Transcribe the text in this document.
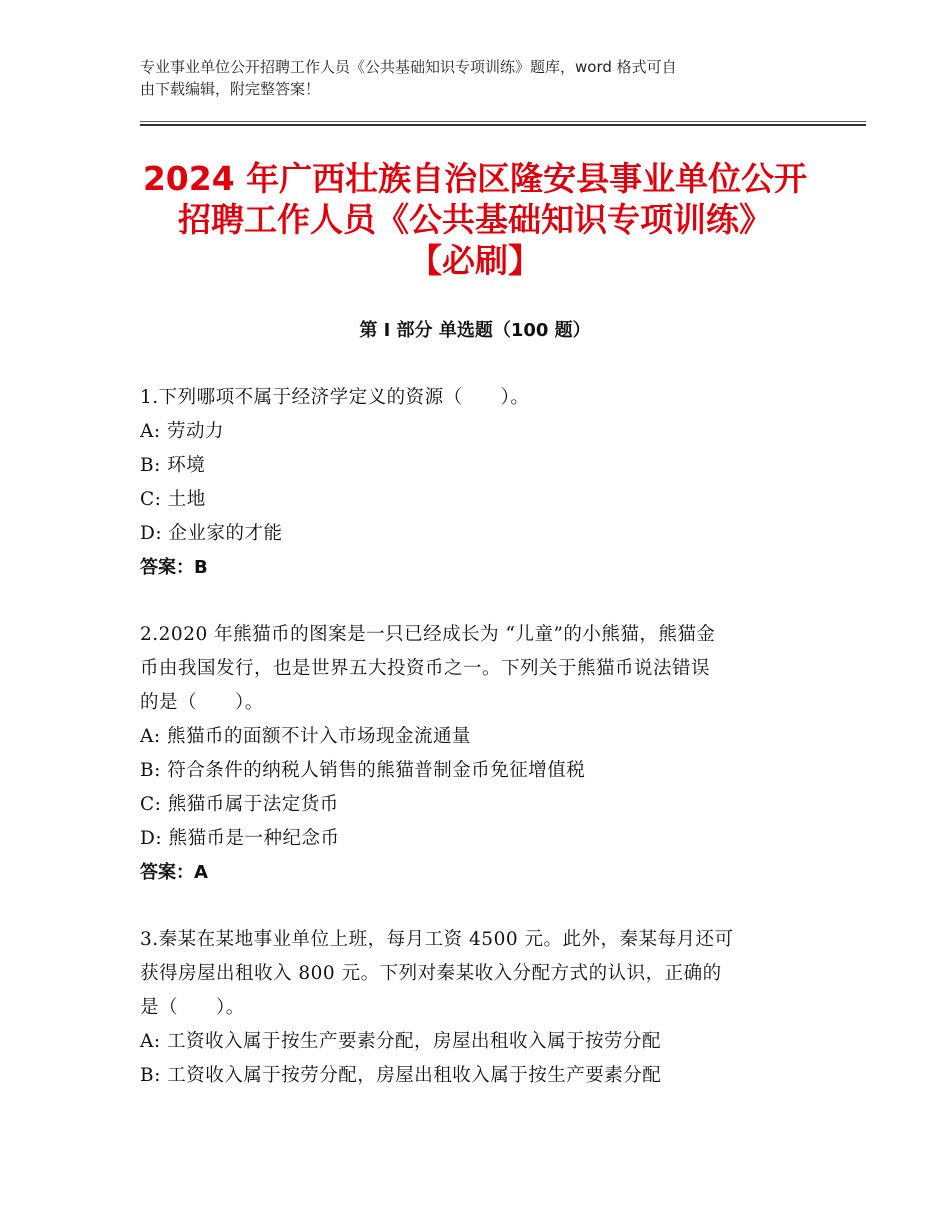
专业事业单位公开招聘工作人员《公共基础知识专项训练》题库，word 格式可自
由下载编辑，附完整答案！
2024 年广西壮族自治区隆安县事业单位公开
招聘工作人员《公共基础知识专项训练》
【必刷】
第 I 部分 单选题（100 题）
1.下列哪项不属于经济学定义的资源（　　）。
A: 劳动力
B: 环境
C: 土地
D: 企业家的才能
答案：B
2.2020 年熊猫币的图案是一只已经成长为 “儿童”的小熊猫，熊猫金
币由我国发行，也是世界五大投资币之一。下列关于熊猫币说法错误
的是（　　）。
A: 熊猫币的面额不计入市场现金流通量
B: 符合条件的纳税人销售的熊猫普制金币免征增值税
C: 熊猫币属于法定货币
D: 熊猫币是一种纪念币
答案：A
3.秦某在某地事业单位上班，每月工资 4500 元。此外，秦某每月还可
获得房屋出租收入 800 元。下列对秦某收入分配方式的认识，正确的
是（　　）。
A: 工资收入属于按生产要素分配，房屋出租收入属于按劳分配
B: 工资收入属于按劳分配，房屋出租收入属于按生产要素分配
